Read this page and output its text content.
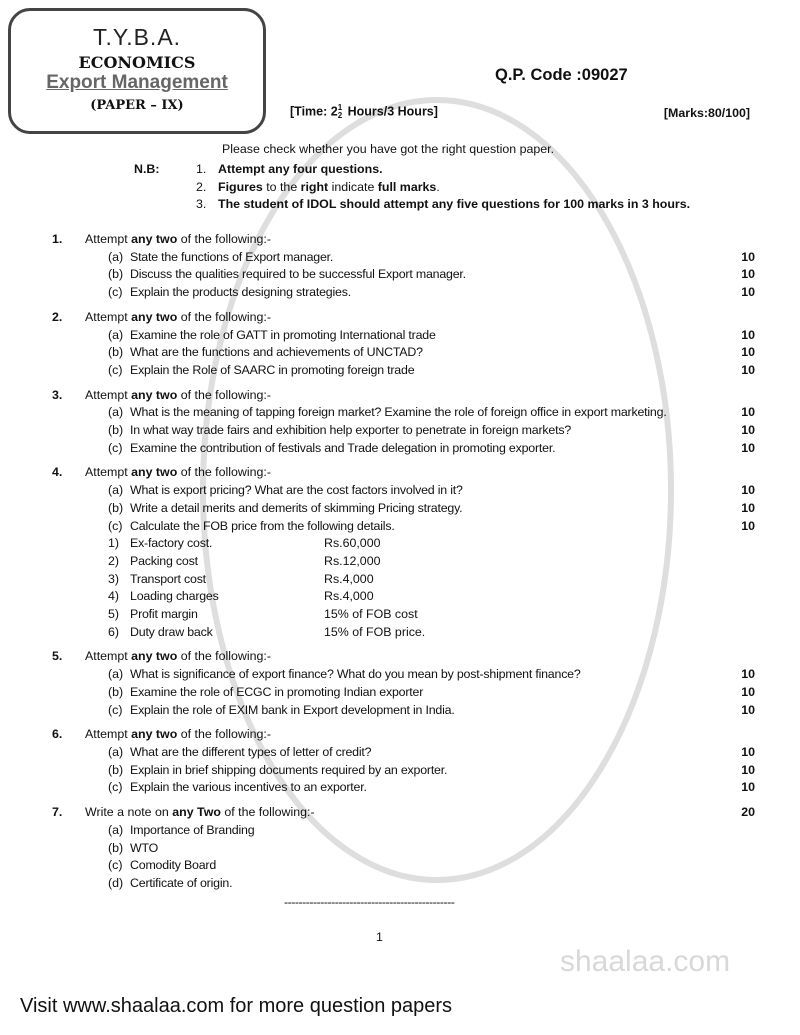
shaalaa.com
T.Y.B.A.
ECONOMICS
Export Management
(PAPER – IX)
Q.P. Code :09027
[Time: 21
2 Hours/3 Hours]	[Marks:80/100]
Please check whether you have got the right question paper.
N.B:	1. Attempt any four questions.
2. Figures to the right indicate full marks.
3. The student of IDOL should attempt any five questions for 100 marks in 3 hours.
1.	Attempt any two of the following:-
(a) State the functions of Export manager.	10
(b) Discuss the qualities required to be successful Export manager.	10
(c) Explain the products designing strategies.	10
2.	Attempt any two of the following:-
(a) Examine the role of GATT in promoting International trade	10
(b) What are the functions and achievements of UNCTAD?	10
(c) Explain the Role of SAARC in promoting foreign trade	10
3.	Attempt any two of the following:-
(a) What is the meaning of tapping foreign market? Examine the role of foreign office in export marketing.	10
(b) In what way trade fairs and exhibition help exporter to penetrate in foreign markets?	10
(c) Examine the contribution of festivals and Trade delegation in promoting exporter.	10
4.	Attempt any two of the following:-
(a) What is export pricing? What are the cost factors involved in it?	10
(b) Write a detail merits and demerits of skimming Pricing strategy.	10
(c) Calculate the FOB price from the following details.	10
1) Ex-factory cost.	Rs.60,000
2) Packing cost	Rs.12,000
3) Transport cost	Rs.4,000
4) Loading charges	Rs.4,000
5) Profit margin	15% of FOB cost
6) Duty draw back	15% of FOB price.
5.	Attempt any two of the following:-
(a) What is significance of export finance? What do you mean by post-shipment finance?	10
(b) Examine the role of ECGC in promoting Indian exporter	10
(c) Explain the role of EXIM bank in Export development in India.	10
6.	Attempt any two of the following:-
(a) What are the different types of letter of credit?	10
(b) Explain in brief shipping documents required by an exporter.	10
(c) Explain the various incentives to an exporter.	10
7.	Write a note on any Two of the following:-	20
(a) Importance of Branding
(b) WTO
(c) Comodity Board
(d) Certificate of origin.
-----------------------------------------------
1
Visit www.shaalaa.com for more question papers
